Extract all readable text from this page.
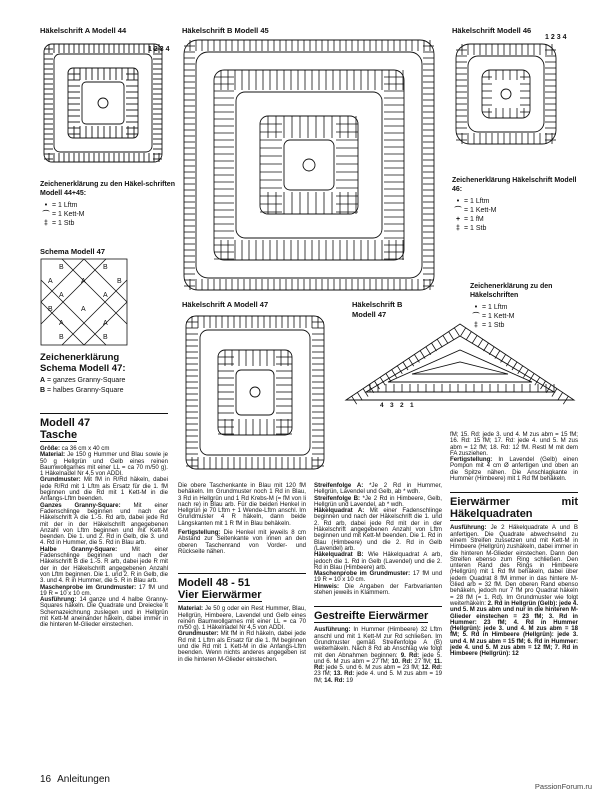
Häkelschrift A Modell 44
1 2 3 4
Zeichenerklärung zu den Häkel-schriften Modell 44+45:
• = 1 Lftm
⌒ = 1 Kett-M
‡ = 1 Stb
Schema Modell 47
B	B
A	A	B
A	A
A
B
A	A
B	B
Zeichenerklärung
Schema Modell 47:
A = ganzes Granny-Square
B = halbes Granny-Square
Häkelschrift B Modell 45	Häkelschrift Modell 46
1 2 3 4
Zeichenerklärung Häkelschrift Modell 46:
• = 1 Lftm
⌒ = 1 Kett-M
+ = 1 fM
‡ = 1 Stb
Zeichenerklärung zu den Häkelschriften
• = 1 Lftm
⌒ = 1 Kett-M
‡ = 1 Stb
Häkelschrift A Modell 47	Häkelschrift B
Modell 47
4 3 2 1
Modell 47
Tasche

Größe: ca 36 cm x 40 cm

Material: Je 150 g Hummer und Blau sowie je 50 g Hellgrün und Gelb eines reinen Baumwollgarnes mit einer LL = ca 70 m/50 g). 1 Häkelnadel Nr 4,5 von ADDI.

Grundmuster: Mit fM in R/Rd häkeln, dabei jede R/Rd mit 1 Lftm als Ersatz für die 1. fM beginnen und die Rd mit 1 Kett-M in die Anfangs-Lftm beenden.

Ganzes Granny-Square: Mit einer Fadenschlinge beginnen und nach der Häkelschrift A die 1.-5. Rd arb, dabei jede Rd mit der in der Häkelschrift angegebenen Anzahl von Lftm beginnen und mit Kett-M beenden. Die 1. und 2. Rd in Gelb, die 3. und 4. Rd in Hummer, die 5. Rd in Blau arb.

Halbe Granny-Square: Mit einer Fadenschlinge beginnen und nach der Häkelschrift B die 1.-5. R arb, dabei jede R mit der in der Häkelschrift angegebenen Anzahl von Lftm beginnen. Die 1. und 2. R in Gelb, die 3. und 4. R in Hummer, die 5. R in Blau arb.

Maschenprobe im Grundmuster: 17 fM und 19 R = 10 x 10 cm.

Ausführung: 14 ganze und 4 halbe Granny-Squares häkeln. Die Quadrate und Dreiecke lt Schemazeichnung zuslegen und in Hellgrün mit Kett-M aneinander häkeln, dabei immer in die hinteren M-Glieder einstechen.

Die obere Taschenkante in Blau mit 120 fM behäkeln. Im Grundmuster noch 1 Rd in Blau, 3 Rd in Hellgrün und 1 Rd Krebs-M (= fM von li nach re) in Blau arb. Für die beiden Henkel in Hellgrün je 70 Lftm + 1 Wende-Lftm anschl. Im Grundmuster 4 R häkeln, dann beide Längskanten mit 1 R fM in Blau behäkeln.

Fertigstellung: Die Henkel mit jeweils 8 cm Abstand zur Seitenkante von innen an den oberen Taschenrand von Vorder- und Rückseite nähen.

Modell 48 - 51
Vier Eierwärmer

Material: Je 50 g oder ein Rest Hummer, Blau, Hellgrün, Himbeere, Lavendel und Gelb eines reinen Baumwollgarnes mit einer LL = ca 70 m/50 g). 1 Häkelnadel Nr 4,5 von ADDI.

Grundmuster: Mit fM in Rd häkeln, dabei jede Rd mit 1 Lftm als Ersatz für die 1. fM beginnen und die Rd mit 1 Kett-M in die Anfangs-Lftm beenden. Wenn nichts anderes angegeben ist in die hinteren M-Glieder einstechen.

Streifenfolge A: *Je 2 Rd in Hummer, Hellgrün, Lavendel und Gelb, ab * wdh.

Streifenfolge B: *Je 2 Rd in Himbeere, Gelb, Hellgrün und Lavendel, ab * wdh.

Häkelquadrat A: Mit einer Fadenschlinge beginnen und nach der Häkelschrift die 1. und 2. Rd arb, dabei jede Rd mit der in der Häkelschrift angegebenen Anzahl von Lftm beginnen und mit Kett-M beenden. Die 1. Rd in Blau (Himbeere) und die 2. Rd in Gelb (Lavendel) arb.

Häkelquadrat B: Wie Häkelquadrat A arb, jedoch die 1. Rd in Gelb (Lavendel) und die 2. Rd in Blau (Himbeere) arb.

Maschenprobe im Grundmuster: 17 fM und 19 R = 10 x 10 cm.

Hinweis: Die Angaben der Farbvarianten stehen jeweils in Klammern.

Gestreifte Eierwärmer

Ausführung: In Hummer (Himbeere) 32 Lftm anschl und mit 1 Kett-M zur Rd schließen. Im Grundmuster gemäß Streifenfolge A (B) weiterhäkeln. Nach 8 Rd ab Anschlag wie folgt mit den Abnahmen beginnen: 9. Rd: jede 5. und 6. M zus abm = 27 fM; 10. Rd: 27 fM; 11. Rd: jede 5. und 6. M zus abm = 23 fM; 12. Rd: 23 fM; 13. Rd: jede 4. und 5. M zus abm = 19 fM; 14. Rd: 19

fM; 15. Rd: jede 3. und 4. M zus abm = 15 fM; 16. Rd: 15 fM; 17. Rd: jede 4. und 5. M zus abm = 12 fM; 18. Rd: 12 fM. Restl M mit dem FA zusziehen.

Fertigstellung: In Lavendel (Gelb) einen Pompon mit 4 cm Ø anfertigen und oben an die Spitze nähen. Die Anschlagkante in Hummer (Himbeere) mit 1 Rd fM behäkeln.

Eierwärmer mit Häkelquadraten

Ausführung: Je 2 Häkelquadrate A und B anfertigen. Die Quadrate abwechselnd zu einem Streifen zussetzen und mit Kett-M in Himbeere (Hellgrün) zushäkeln, dabei immer in die hinteren M-Glieder einstechen. Dann den Streifen ebenso zum Ring schließen. Den unteren Rand des Rings in Himbeere (Hellgrün) mit 1 Rd fM behäkeln, dabei über jedem Quadrat 8 fM immer in das hintere M-Glied arb = 32 fM. Den oberen Rand ebenso behäkeln, jedoch nur 7 fM pro Quadrat häkeln = 28 fM (= 1. Rd). Im Grundmuster wie folgt weiterhäkeln: 2. Rd in Hellgrün (Gelb): jede 4. und 5. M zus abm und nur in die hinteren M-Glieder einstechen = 23 fM; 3. Rd in Hummer: 23 fM; 4. Rd in Hummer (Hellgrün): jede 3. und 4. M zus abm = 18 fM; 5. Rd in Himbeere (Hellgrün): jede 3. und 4. M zus abm = 15 fM; 6. Rd in Hummer: jede 4. und 5. M zus abm = 12 fM; 7. Rd in Himbeere (Hellgrün): 12

16 Anleitungen
PassionForum.ru
